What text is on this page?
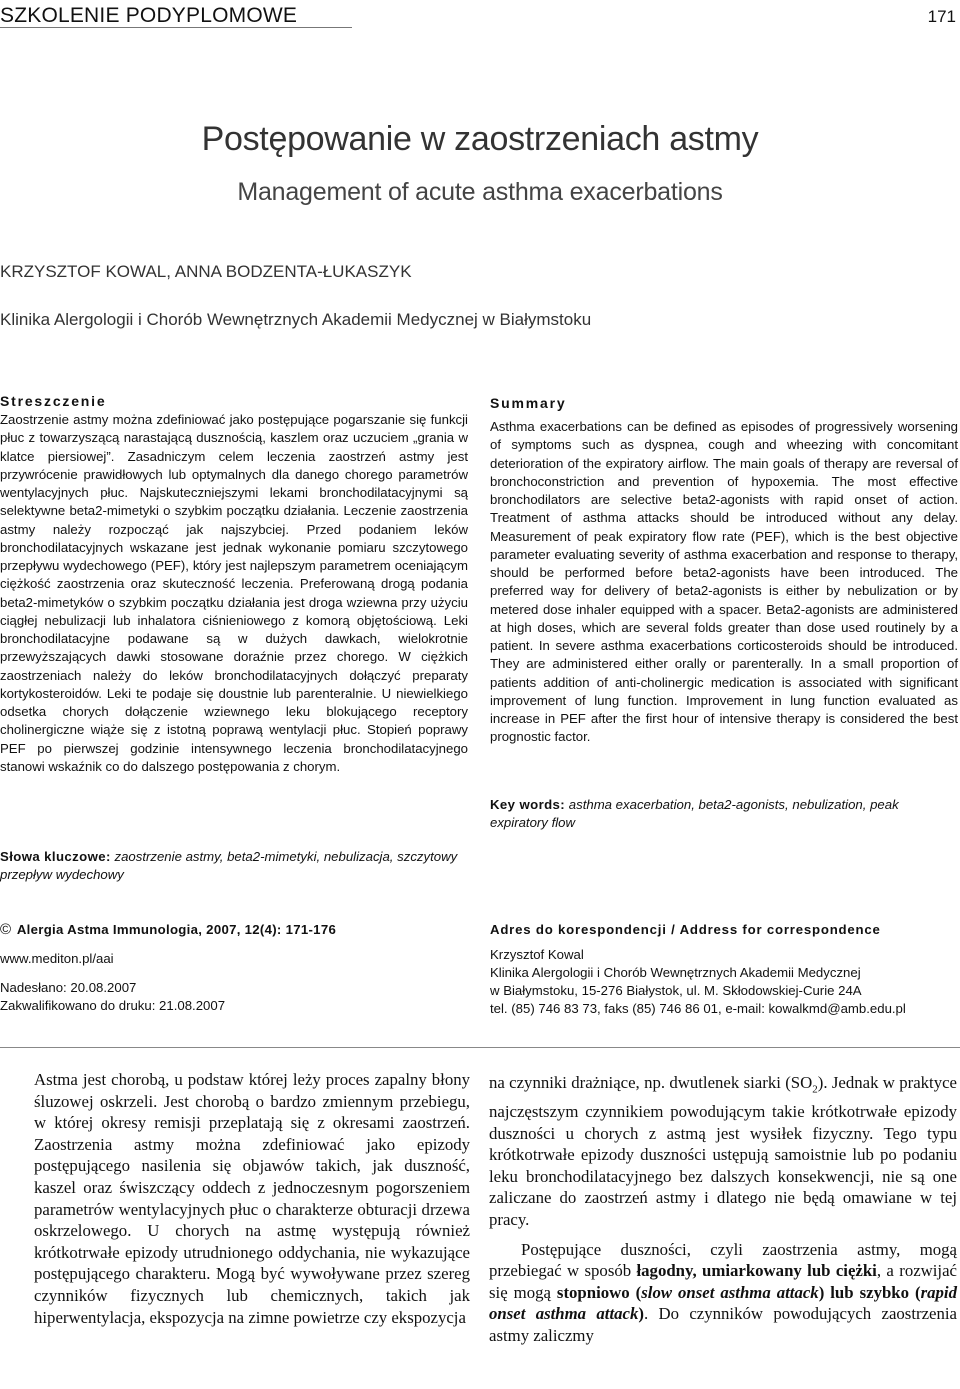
SZKOLENIE PODYPLOMOWE	171
Postępowanie w zaostrzeniach astmy
Management of acute asthma exacerbations
KRZYSZTOF KOWAL, ANNA BODZENTA-ŁUKASZYK
Klinika Alergologii i Chorób Wewnętrznych Akademii Medycznej w Białymstoku
Streszczenie
Zaostrzenie astmy można zdefiniować jako postępujące pogarszanie się funkcji płuc z towarzyszącą narastającą dusznością, kaszlem oraz uczuciem „grania w klatce piersiowej”. Zasadniczym celem leczenia zaostrzeń astmy jest przywrócenie prawidłowych lub optymalnych dla danego chorego parametrów wentylacyjnych płuc. Najskuteczniejszymi lekami bronchodilatacyjnymi są selektywne beta2-mimetyki o szybkim początku działania. Leczenie zaostrzenia astmy należy rozpocząć jak najszybciej. Przed podaniem leków bronchodilatacyjnych wskazane jest jednak wykonanie pomiaru szczytowego przepływu wydechowego (PEF), który jest najlepszym parametrem oceniającym ciężkość zaostrzenia oraz skuteczność leczenia. Preferowaną drogą podania beta2-mimetyków o szybkim początku działania jest droga wziewna przy użyciu ciągłej nebulizacji lub inhalatora ciśnieniowego z komorą objętościową. Leki bronchodilatacyjne podawane są w dużych dawkach, wielokrotnie przewyższających dawki stosowane doraźnie przez chorego. W ciężkich zaostrzeniach należy do leków bronchodilatacyjnych dołączyć preparaty kortykosteroidów. Leki te podaje się doustnie lub parenteralnie. U niewielkiego odsetka chorych dołączenie wziewnego leku blokującego receptory cholinergiczne wiąże się z istotną poprawą wentylacji płuc. Stopień poprawy PEF po pierwszej godzinie intensywnego leczenia bronchodilatacyjnego stanowi wskaźnik co do dalszego postępowania z chorym.
Słowa kluczowe: zaostrzenie astmy, beta2-mimetyki, nebulizacja, szczytowy przepływ wydechowy
Summary
Asthma exacerbations can be defined as episodes of progressively worsening of symptoms such as dyspnea, cough and wheezing with concomitant deterioration of the expiratory airflow. The main goals of therapy are reversal of bronchoconstriction and prevention of hypoxemia. The most effective bronchodilators are selective beta2-agonists with rapid onset of action. Treatment of asthma attacks should be introduced without any delay. Measurement of peak expiratory flow rate (PEF), which is the best objective parameter evaluating severity of asthma exacerbation and response to therapy, should be performed before beta2-agonists have been introduced. The preferred way for delivery of beta2-agonists is either by nebulization or by metered dose inhaler equipped with a spacer. Beta2-agonists are administered at high doses, which are several folds greater than dose used routinely by a patient. In severe asthma exacerbations corticosteroids should be introduced. They are administered either orally or parenterally. In a small proportion of patients addition of anti-cholinergic medication is associated with significant improvement of lung function. Improvement in lung function evaluated as increase in PEF after the first hour of intensive therapy is considered the best prognostic factor.
Key words: asthma exacerbation, beta2-agonists, nebulization, peak expiratory flow
© Alergia Astma Immunologia, 2007, 12(4): 171-176
www.mediton.pl/aai
Nadesłano: 20.08.2007
Zakwalifikowano do druku: 21.08.2007
Adres do korespondencji / Address for correspondence
Krzysztof Kowal
Klinika Alergologii i Chorób Wewnętrznych Akademii Medycznej
w Białymstoku, 15-276 Białystok, ul. M. Skłodowskiej-Curie 24A
tel. (85) 746 83 73, faks (85) 746 86 01, e-mail: kowalkmd@amb.edu.pl

Astma jest chorobą, u podstaw której leży proces zapalny błony śluzowej oskrzeli. Jest chorobą o bardzo zmiennym przebiegu, w której okresy remisji przeplatają się z okresami zaostrzeń. Zaostrzenia astmy można zdefiniować jako epizody postępującego nasilenia się objawów takich, jak duszność, kaszel oraz świszczący oddech z jednoczesnym pogorszeniem parametrów wentylacyjnych płuc o charakterze obturacji drzewa oskrzelowego. U chorych na astmę występują również krótkotrwałe epizody utrudnionego oddychania, nie wykazujące postępującego charakteru. Mogą być wywoływane przez szereg czynników fizycznych lub chemicznych, takich jak hiperwentylacja, ekspozycja na zimne powietrze czy ekspozycja

na czynniki drażniące, np. dwutlenek siarki $(SO_2)$. Jednak w praktyce najczęstszym czynnikiem powodującym takie krótkotrwałe epizody duszności u chorych z astmą jest wysiłek fizyczny. Tego typu krótkotrwałe epizody duszności ustępują samoistnie lub po podaniu leku bronchodilatacyjnego bez dalszych konsekwencji, nie są one zaliczane do zaostrzeń astmy i dlatego nie będą omawiane w tej pracy.

Postępujące duszności, czyli zaostrzenia astmy, mogą przebiegać w sposób łagodny, umiarkowany lub ciężki, a rozwijać się mogą stopniowo (slow onset asthma attack) lub szybko (rapid onset asthma attack). Do czynników powodujących zaostrzenia astmy zaliczmy
